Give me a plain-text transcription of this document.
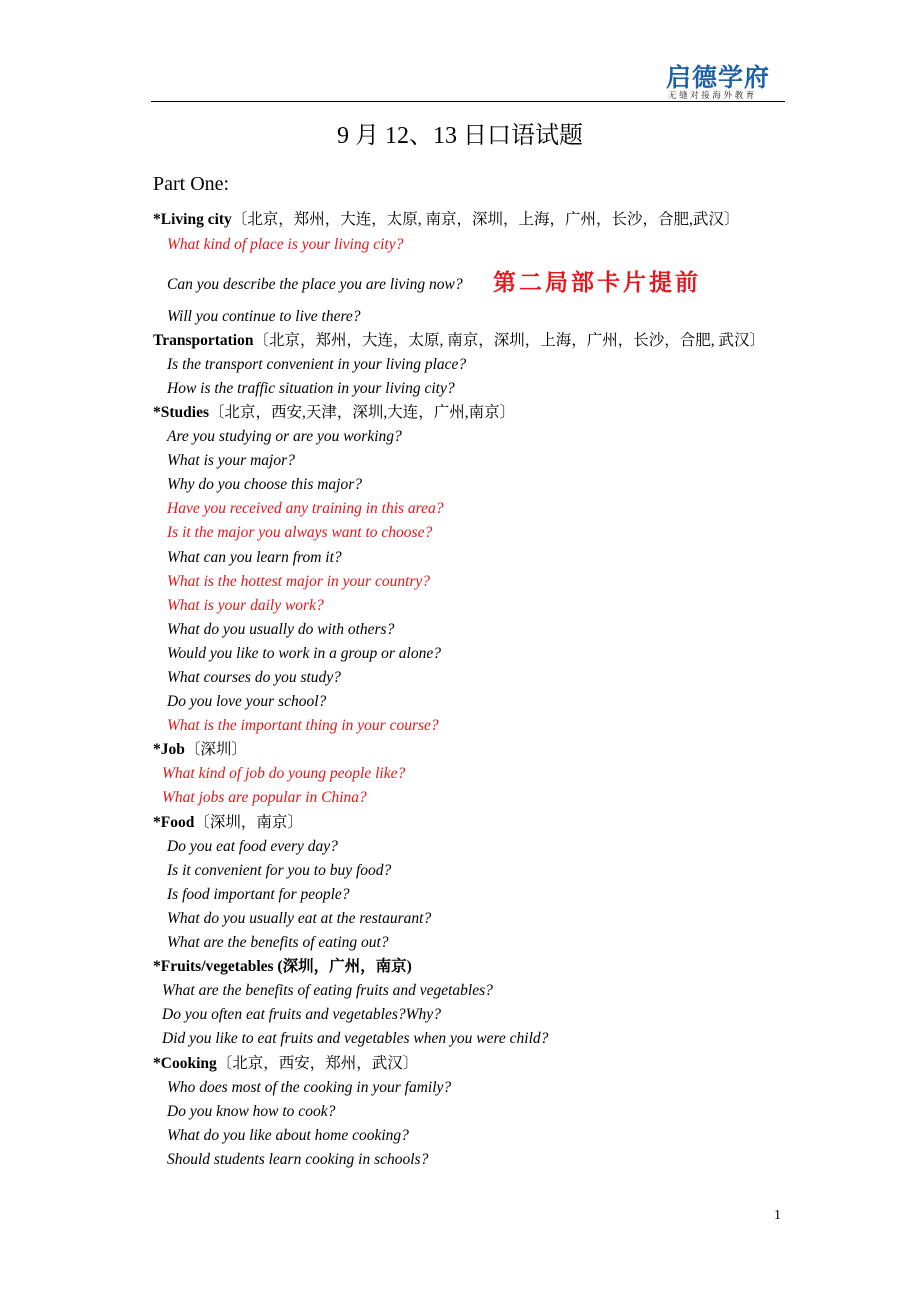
启德学府
无缝对接海外教育
9 月 12、13 日口语试题
Part One:
*Living city〔北京，郑州，大连，太原, 南京，深圳，上海，广州，长沙，合肥,武汉〕
What kind of place is your living city?
Can you describe the place you are living now? 第二局部卡片提前
Will you continue to live there?
Transportation〔北京，郑州，大连，太原, 南京，深圳，上海，广州，长沙，合肥, 武汉〕
Is the transport convenient in your living place?
How is the traffic situation in your living city?
*Studies〔北京，西安,天津，深圳,大连，广州,南京〕
Are you studying or are you working?
What is your major?
Why do you choose this major?
Have you received any training in this area?
Is it the major you always want to choose?
What can you learn from it?
What is the hottest major in your country?
What is your daily work?
What do you usually do with others?
Would you like to work in a group or alone?
What courses do you study?
Do you love your school?
What is the important thing in your course?
*Job〔深圳〕
What kind of job do young people like?
What jobs are popular in China?
*Food〔深圳，南京〕
Do you eat food every day?
Is it convenient for you to buy food?
Is food important for people?
What do you usually eat at the restaurant?
What are the benefits of eating out?
*Fruits/vegetables (深圳，广州，南京)
What are the benefits of eating fruits and vegetables?
Do you often eat fruits and vegetables?Why?
Did you like to eat fruits and vegetables when you were child?
*Cooking〔北京，西安，郑州，武汉〕
Who does most of the cooking in your family?
Do you know how to cook?
What do you like about home cooking?
Should students learn cooking in schools?
1
